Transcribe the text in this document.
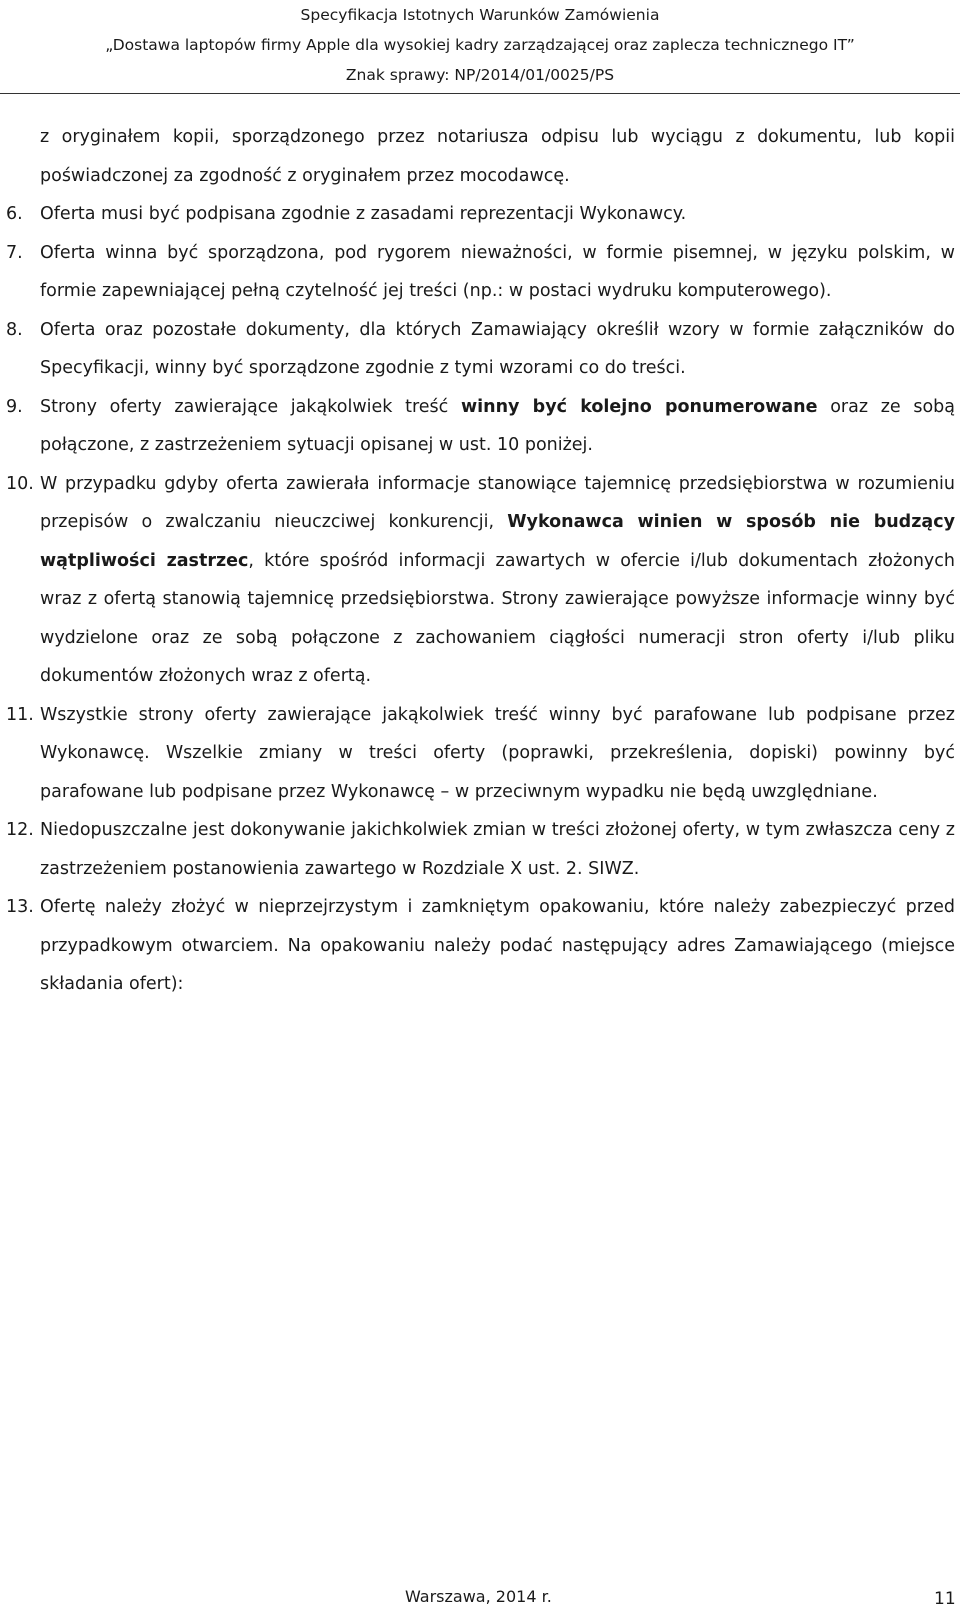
Specyfikacja Istotnych Warunków Zamówienia
„Dostawa laptopów firmy Apple dla wysokiej kadry zarządzającej oraz zaplecza technicznego IT”
Znak sprawy: NP/2014/01/0025/PS

z oryginałem kopii, sporządzonego przez notariusza odpisu lub wyciągu z dokumentu, lub kopii poświadczonej za zgodność z oryginałem przez mocodawcę.

6. Oferta musi być podpisana zgodnie z zasadami reprezentacji Wykonawcy.

7. Oferta winna być sporządzona, pod rygorem nieważności, w formie pisemnej, w języku polskim, w formie zapewniającej pełną czytelność jej treści (np.: w postaci wydruku komputerowego).

8. Oferta oraz pozostałe dokumenty, dla których Zamawiający określił wzory w formie załączników do Specyfikacji, winny być sporządzone zgodnie z tymi wzorami co do treści.

9. Strony oferty zawierające jakąkolwiek treść winny być kolejno ponumerowane oraz ze sobą połączone, z zastrzeżeniem sytuacji opisanej w ust. 10 poniżej.

10. W przypadku gdyby oferta zawierała informacje stanowiące tajemnicę przedsiębiorstwa w rozumieniu przepisów o zwalczaniu nieuczciwej konkurencji, Wykonawca winien w sposób nie budzący wątpliwości zastrzec, które spośród informacji zawartych w ofercie i/lub dokumentach złożonych wraz z ofertą stanowią tajemnicę przedsiębiorstwa. Strony zawierające powyższe informacje winny być wydzielone oraz ze sobą połączone z zachowaniem ciągłości numeracji stron oferty i/lub pliku dokumentów złożonych wraz z ofertą.

11. Wszystkie strony oferty zawierające jakąkolwiek treść winny być parafowane lub podpisane przez Wykonawcę. Wszelkie zmiany w treści oferty (poprawki, przekreślenia, dopiski) powinny być parafowane lub podpisane przez Wykonawcę – w przeciwnym wypadku nie będą uwzględniane.

12. Niedopuszczalne jest dokonywanie jakichkolwiek zmian w treści złożonej oferty, w tym zwłaszcza ceny z zastrzeżeniem postanowienia zawartego w Rozdziale X ust. 2. SIWZ.

13. Ofertę należy złożyć w nieprzejrzystym i zamkniętym opakowaniu, które należy zabezpieczyć przed przypadkowym otwarciem. Na opakowaniu należy podać następujący adres Zamawiającego (miejsce składania ofert):

Warszawa, 2014 r.	11
